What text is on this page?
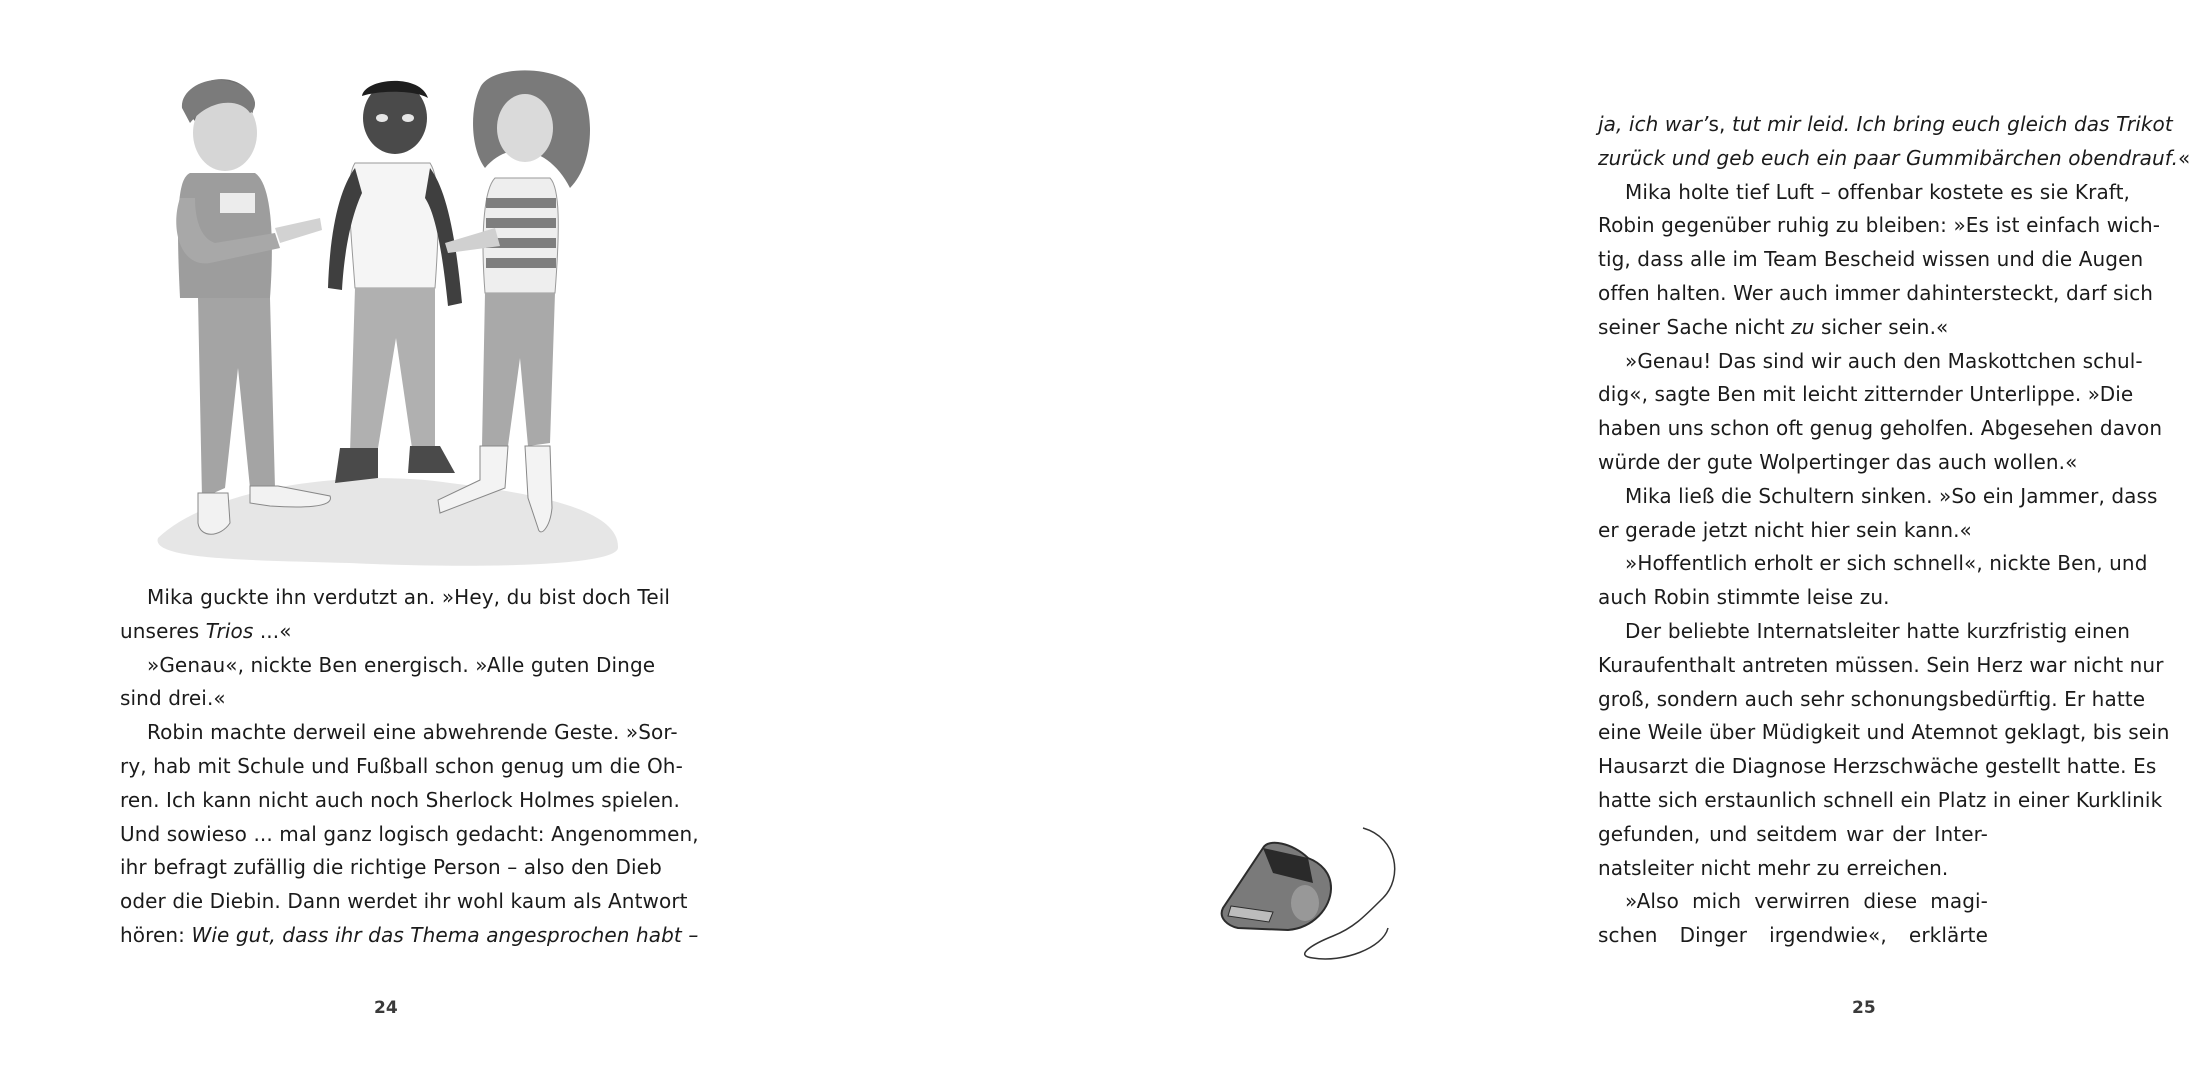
Mika guckte ihn verdutzt an. »Hey, du bist doch Teil
unseres Trios ...«
»Genau«, nickte Ben energisch. »Alle guten Dinge
sind drei.«
Robin machte derweil eine abwehrende Geste. »Sor-
ry, hab mit Schule und Fußball schon genug um die Oh-
ren. Ich kann nicht auch noch Sherlock Holmes spielen.
Und sowieso ... mal ganz logisch gedacht: Angenommen,
ihr befragt zufällig die richtige Person – also den Dieb
oder die Diebin. Dann werdet ihr wohl kaum als Antwort
hören: Wie gut, dass ihr das Thema angesprochen habt –
24
ja, ich war’s, tut mir leid. Ich bring euch gleich das Trikot
zurück und geb euch ein paar Gummibärchen obendrauf.«
Mika holte tief Luft – offenbar kostete es sie Kraft,
Robin gegenüber ruhig zu bleiben: »Es ist einfach wich-
tig, dass alle im Team Bescheid wissen und die Augen
offen halten. Wer auch immer dahintersteckt, darf sich
seiner Sache nicht zu sicher sein.«
»Genau! Das sind wir auch den Maskottchen schul-
dig«, sagte Ben mit leicht zitternder Unterlippe. »Die
haben uns schon oft genug geholfen. Abgesehen davon
würde der gute Wolpertinger das auch wollen.«
Mika ließ die Schultern sinken. »So ein Jammer, dass
er gerade jetzt nicht hier sein kann.«
»Hoffentlich erholt er sich schnell«, nickte Ben, und
auch Robin stimmte leise zu.
Der beliebte Internatsleiter hatte kurzfristig einen
Kuraufenthalt antreten müssen. Sein Herz war nicht nur
groß, sondern auch sehr schonungsbedürftig. Er hatte
eine Weile über Müdigkeit und Atemnot geklagt, bis sein
Hausarzt die Diagnose Herzschwäche gestellt hatte. Es
hatte sich erstaunlich schnell ein Platz in einer Kurklinik
gefunden, und seitdem war der Inter-
natsleiter nicht mehr zu erreichen.
»Also mich verwirren diese magi-
schen Dinger irgendwie«, erklärte
25
